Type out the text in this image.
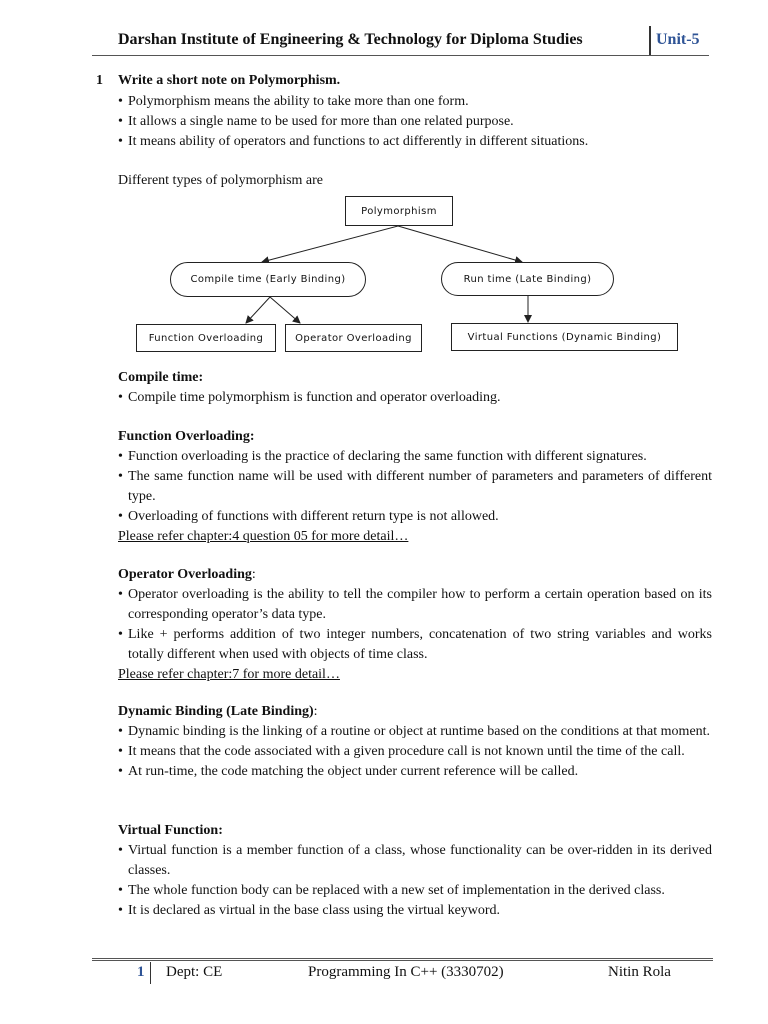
Darshan Institute of Engineering & Technology for Diploma Studies	Unit-5
1 Write a short note on Polymorphism.
• Polymorphism means the ability to take more than one form.
• It allows a single name to be used for more than one related purpose.
• It means ability of operators and functions to act differently in different situations.
Different types of polymorphism are
Polymorphism
Compile time (Early Binding)	Run time (Late Binding)
Function Overloading	Operator Overloading	Virtual Functions (Dynamic Binding)
Compile time:
• Compile time polymorphism is function and operator overloading.
Function Overloading:
• Function overloading is the practice of declaring the same function with different signatures.
• The same function name will be used with different number of parameters and parameters of different type.
• Overloading of functions with different return type is not allowed.
Please refer chapter:4 question 05 for more detail…
Operator Overloading:
• Operator overloading is the ability to tell the compiler how to perform a certain operation based on its corresponding operator’s data type.
• Like + performs addition of two integer numbers, concatenation of two string variables and works totally different when used with objects of time class.
Please refer chapter:7 for more detail…
Dynamic Binding (Late Binding):
• Dynamic binding is the linking of a routine or object at runtime based on the conditions at that moment.
• It means that the code associated with a given procedure call is not known until the time of the call.
• At run-time, the code matching the object under current reference will be called.
Virtual Function:
• Virtual function is a member function of a class, whose functionality can be over-ridden in its derived classes.
• The whole function body can be replaced with a new set of implementation in the derived class.
• It is declared as virtual in the base class using the virtual keyword.
1 Dept: CE	Programming In C++ (3330702)	Nitin Rola
